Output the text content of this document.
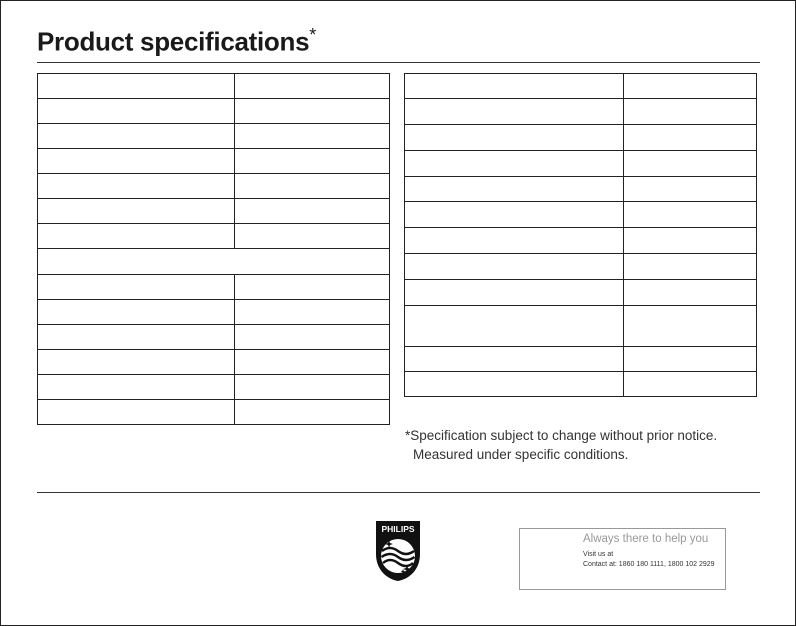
Product specifications*

*Specification subject to change without prior notice.
Measured under specific conditions.
PHILIPS
Always there to help you
Visit us at
Contact at: 1860 180 1111, 1800 102 2929
